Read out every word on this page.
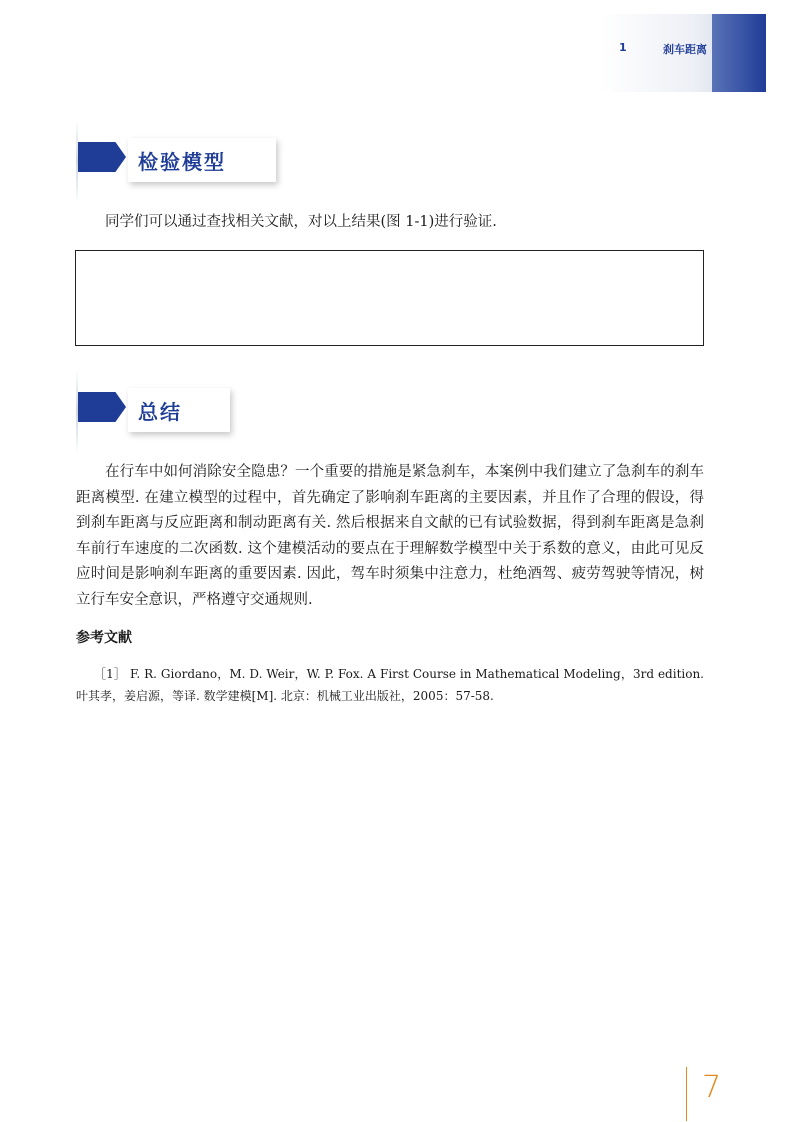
1	刹车距离
检验模型

同学们可以通过查找相关文献，对以上结果(图 1-1)进行验证.

总结

在行车中如何消除安全隐患？一个重要的措施是紧急刹车，本案例中我们建立了急刹车的刹车距离模型. 在建立模型的过程中，首先确定了影响刹车距离的主要因素，并且作了合理的假设，得到刹车距离与反应距离和制动距离有关. 然后根据来自文献的已有试验数据，得到刹车距离是急刹车前行车速度的二次函数. 这个建模活动的要点在于理解数学模型中关于系数的意义，由此可见反应时间是影响刹车距离的重要因素. 因此，驾车时须集中注意力，杜绝酒驾、疲劳驾驶等情况，树立行车安全意识，严格遵守交通规则.

参考文献

［1］ F. R. Giordano，M. D. Weir，W. P. Fox. A First Course in Mathematical Modeling，3rd edition. 叶其孝，姜启源，等译. 数学建模[M]. 北京：机械工业出版社，2005：57-58.

7
